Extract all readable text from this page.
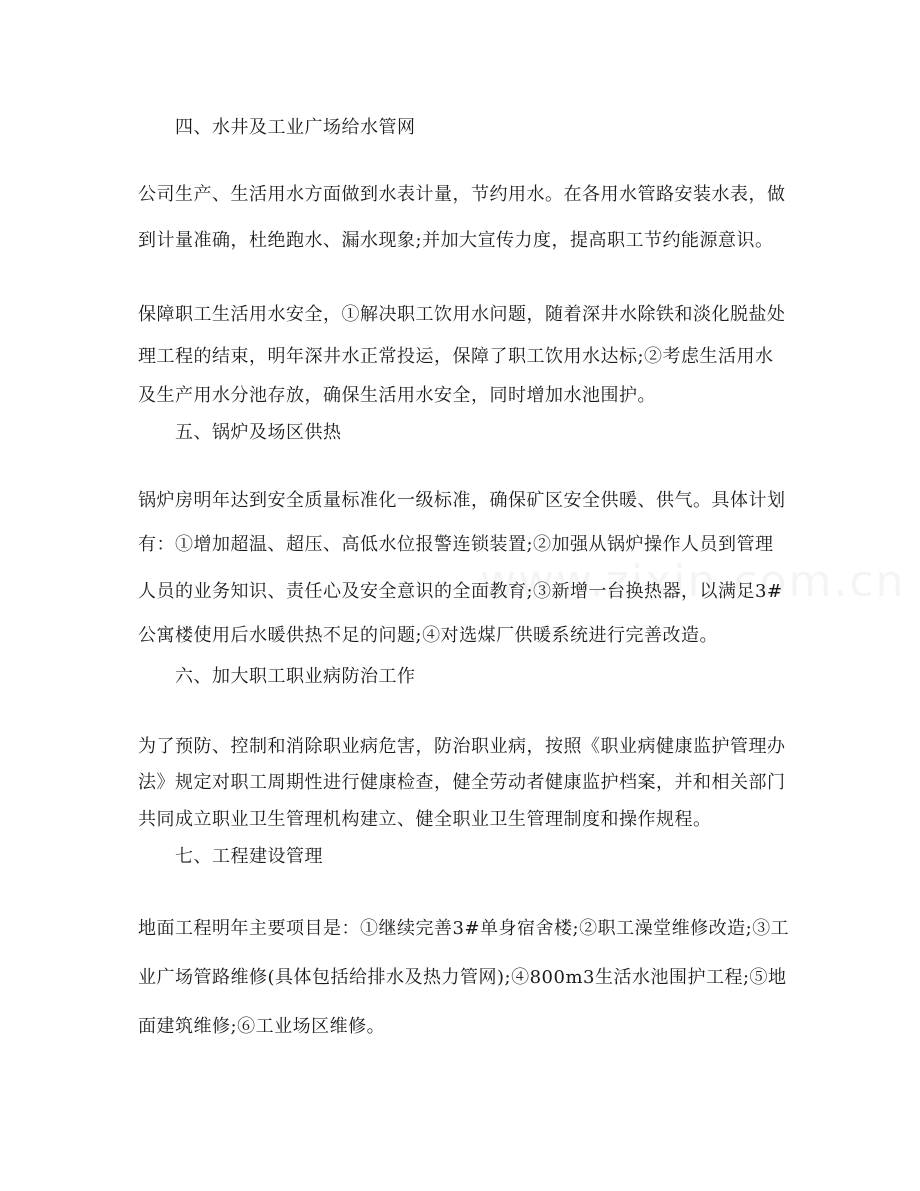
四、水井及工业广场给水管网
公司生产、生活用水方面做到水表计量，节约用水。在各用水管路安装水表，做
到计量准确，杜绝跑水、漏水现象;并加大宣传力度，提高职工节约能源意识。
保障职工生活用水安全，①解决职工饮用水问题，随着深井水除铁和淡化脱盐处
理工程的结束，明年深井水正常投运，保障了职工饮用水达标;②考虑生活用水
及生产用水分池存放，确保生活用水安全，同时增加水池围护。
五、锅炉及场区供热
锅炉房明年达到安全质量标准化一级标准，确保矿区安全供暖、供气。具体计划
有：①增加超温、超压、高低水位报警连锁装置;②加强从锅炉操作人员到管理
人员的业务知识、责任心及安全意识的全面教育;③新增一台换热器，以满足3#
公寓楼使用后水暖供热不足的问题;④对选煤厂供暖系统进行完善改造。
六、加大职工职业病防治工作
为了预防、控制和消除职业病危害，防治职业病，按照《职业病健康监护管理办
法》规定对职工周期性进行健康检查，健全劳动者健康监护档案，并和相关部门
共同成立职业卫生管理机构建立、健全职业卫生管理制度和操作规程。
七、工程建设管理
地面工程明年主要项目是：①继续完善3#单身宿舍楼;②职工澡堂维修改造;③工
业广场管路维修(具体包括给排水及热力管网);④800m3生活水池围护工程;⑤地
面建筑维修;⑥工业场区维修。
